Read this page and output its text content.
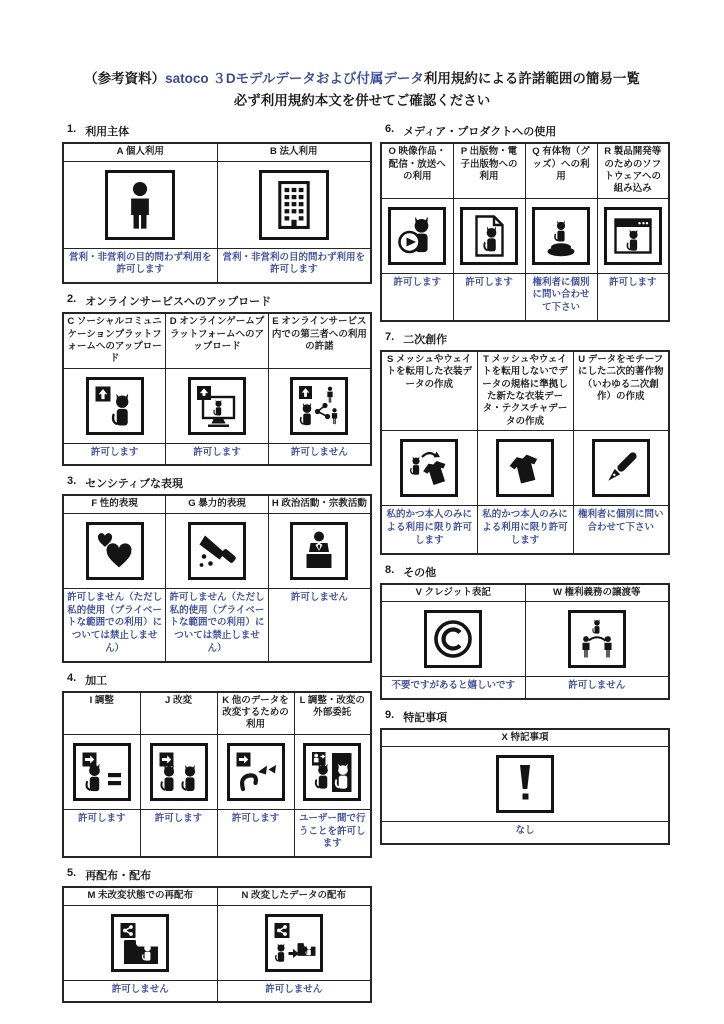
（参考資料）satoco ３Dモデルデータおよび付属データ利用規約による許諾範囲の簡易一覧
必ず利用規約本文を併せてご確認ください
1. 利用主体
A 個人利用	B 法人利用

営利・非営利の目的問わず利用を許可します	営利・非営利の目的問わず利用を許可します
2. オンラインサービスへのアップロード
C ソーシャルコミュニケーションプラットフォームへのアップロード	D オンラインゲームプラットフォームへのアップロード	E オンラインサービス内での第三者への利用の許諾

許可します	許可します	許可しません
3. センシティブな表現
F 性的表現	G 暴力的表現	H 政治活動・宗教活動

許可しません（ただし私的使用（プライベートな範囲での利用）については禁止しません）	許可しません（ただし私的使用（プライベートな範囲での利用）については禁止しません）	許可しません
4. 加工
I 調整	J 改変	K 他のデータを改変するための利用	L 調整・改変の外部委託

許可します	許可します	許可します	ユーザー間で行うことを許可します
5. 再配布・配布
M 未改変状態での再配布	N 改変したデータの配布

許可しません	許可しません
6. メディア・プロダクトへの使用
O 映像作品・配信・放送への利用	P 出版物・電子出版物への利用	Q 有体物（グッズ）への利用	R 製品開発等のためのソフトウェアへの組み込み

許可します	許可します	権利者に個別に問い合わせて下さい	許可します
7. 二次創作
S メッシュやウェイトを転用した衣装データの作成	T メッシュやウェイトを転用しないでデータの規格に準拠した新たな衣装データ・テクスチャデータの作成	U データをモチーフにした二次的著作物（いわゆる二次創作）の作成

私的かつ本人のみによる利用に限り許可します	私的かつ本人のみによる利用に限り許可します	権利者に個別に問い合わせて下さい
8. その他
V クレジット表記	W 権利義務の譲渡等

不要ですがあると嬉しいです	許可しません
9. 特記事項
X 特記事項

なし
